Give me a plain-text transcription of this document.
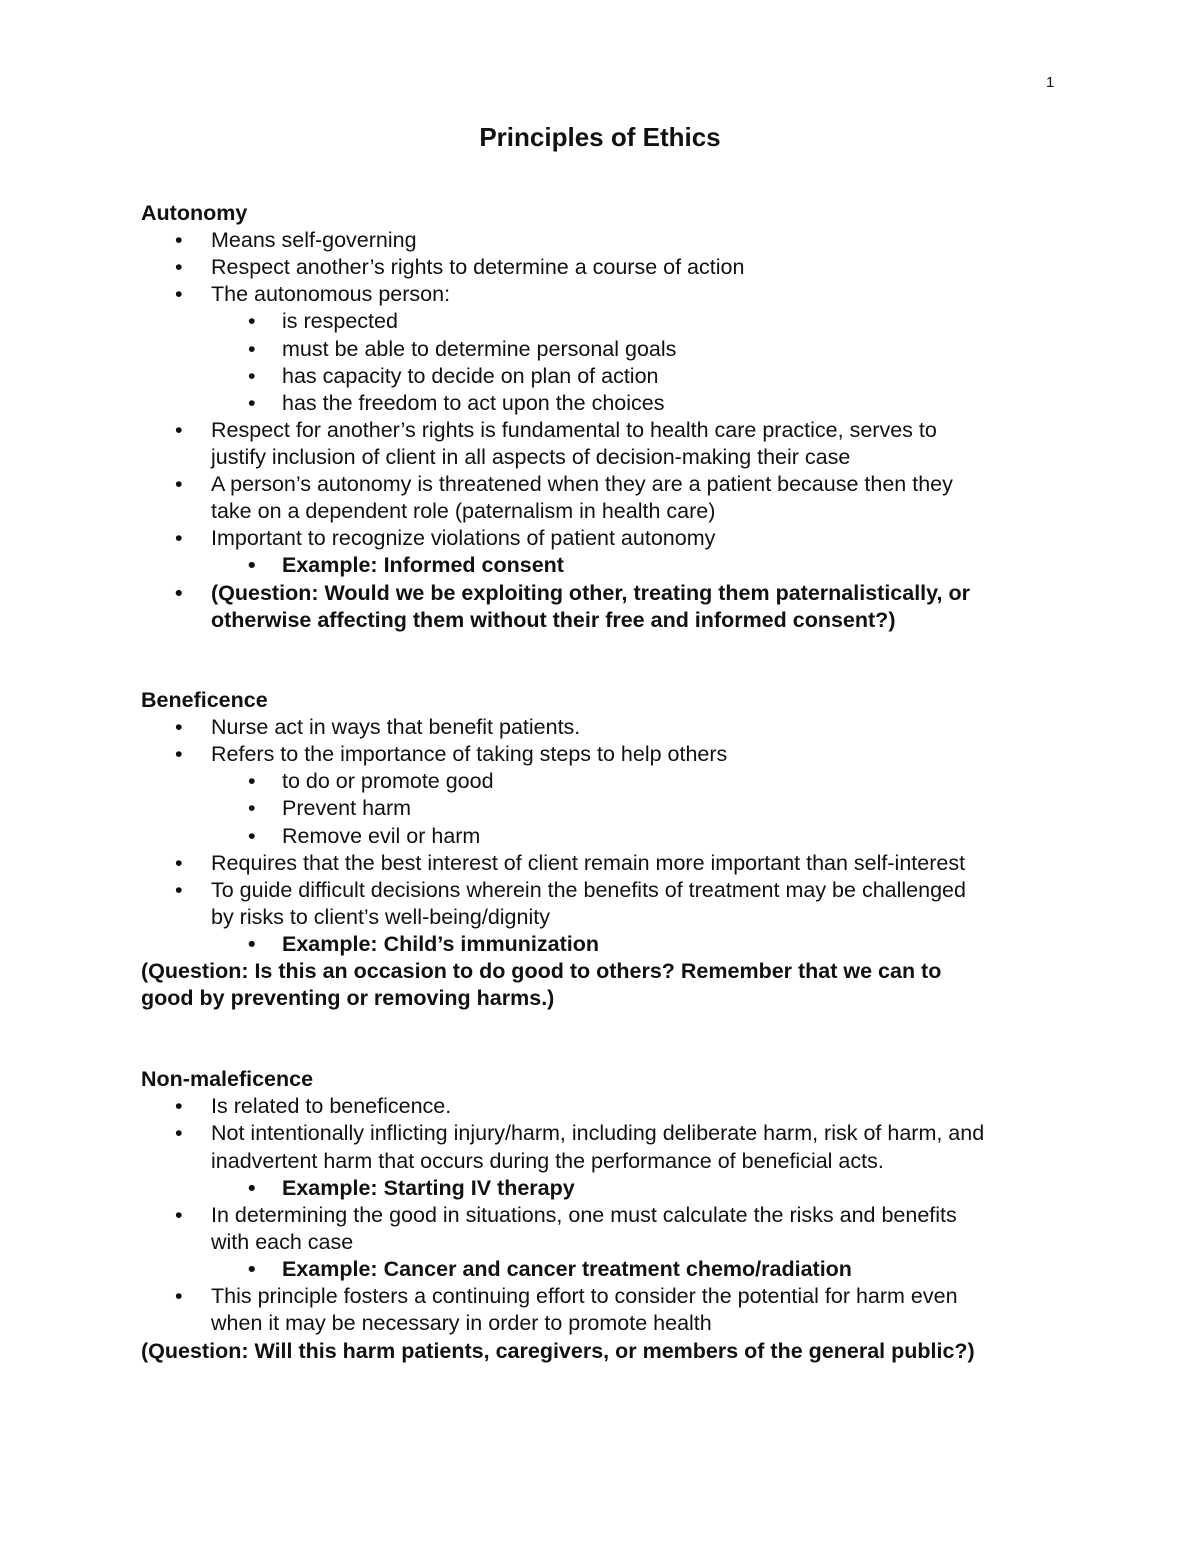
1
Principles of Ethics
Autonomy
• Means self-governing
• Respect another’s rights to determine a course of action
• The autonomous person:
• is respected
• must be able to determine personal goals
• has capacity to decide on plan of action
• has the freedom to act upon the choices
• Respect for another’s rights is fundamental to health care practice, serves to
justify inclusion of client in all aspects of decision-making their case
• A person’s autonomy is threatened when they are a patient because then they
take on a dependent role (paternalism in health care)
• Important to recognize violations of patient autonomy
• Example: Informed consent
• (Question: Would we be exploiting other, treating them paternalistically, or
otherwise affecting them without their free and informed consent?)
Beneficence
• Nurse act in ways that benefit patients.
• Refers to the importance of taking steps to help others
• to do or promote good
• Prevent harm
• Remove evil or harm
• Requires that the best interest of client remain more important than self-interest
• To guide difficult decisions wherein the benefits of treatment may be challenged
by risks to client’s well-being/dignity
• Example: Child’s immunization
(Question: Is this an occasion to do good to others? Remember that we can to
good by preventing or removing harms.)
Non-maleficence
• Is related to beneficence.
• Not intentionally inflicting injury/harm, including deliberate harm, risk of harm, and
inadvertent harm that occurs during the performance of beneficial acts.
• Example: Starting IV therapy
• In determining the good in situations, one must calculate the risks and benefits
with each case
• Example: Cancer and cancer treatment chemo/radiation
• This principle fosters a continuing effort to consider the potential for harm even
when it may be necessary in order to promote health
(Question: Will this harm patients, caregivers, or members of the general public?)
